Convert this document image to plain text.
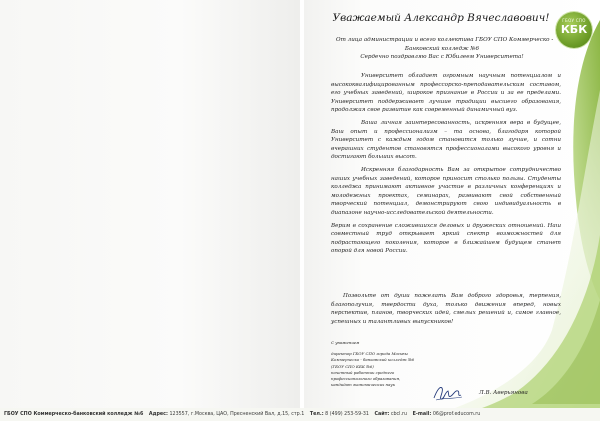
ГБОУ СПО
КБК
Уважаемый Александр Вячеславович!
От лица администрации и всего коллектива ГБОУ СПО Коммерческо -
Банковский колледж №6
Сердечно поздравляю Вас с Юбилеем Университета!

Университет обладает огромным научным потенциалом и высококвалифицированным профессорско-преподавательским составом, его учебных заведений, широкое признание в России и за ее пределами. Университет поддерживает лучшие традиции высшего образования, продолжая свое развитие как современный динамичный вуз.

Ваша личная заинтересованность, искренняя вера в будущее, Ваш опыт и профессионализм – та основа, благодаря которой Университет с каждым годом становится только лучше, и сотни вчерашних студентов становятся профессионалами высокого уровня и достигают больших высот.

Искренняя благодарность Вам за открытое сотрудничество наших учебных заведений, которое приносит столько пользы. Студенты колледжа принимают активное участие в различных конференциях и молодежных проектах, семинарах, развивают свой собственный творческий потенциал, демонстрируют свою индивидуальность в диапазоне научно-исследовательской деятельности.

Верим в сохранение сложившихся деловых и дружеских отношений. Наш совместный труд открывает яркий спектр возможностей для подрастающего поколения, которое в ближайшем будущем станет опорой для новой России.

Позвольте от души пожелать Вам доброго здоровья, терпения, благополучия, твердости духа, только движения вперед, новых перспектив, планов, творческих идей, смелых решений и, самое главное, успешных и талантливых выпускников!
С уважением
директор ГБОУ СПО города Москвы
Коммерческо - банковский колледж №6
(ГБОУ СПО КБК №6)
почетный работник среднего
профессионального образования,
кандидат экономических наук
Л.В. Аверьянова
ГБОУ СПО Коммерческо-банковский колледж №6 Адрес: 123557, г.Москва, ЦАО, Пресненский Вал, д.15, стр.1 Тел.: 8 (499) 253-59-31 Сайт: cbcl.ru E-mail: 06@prof.educom.ru
